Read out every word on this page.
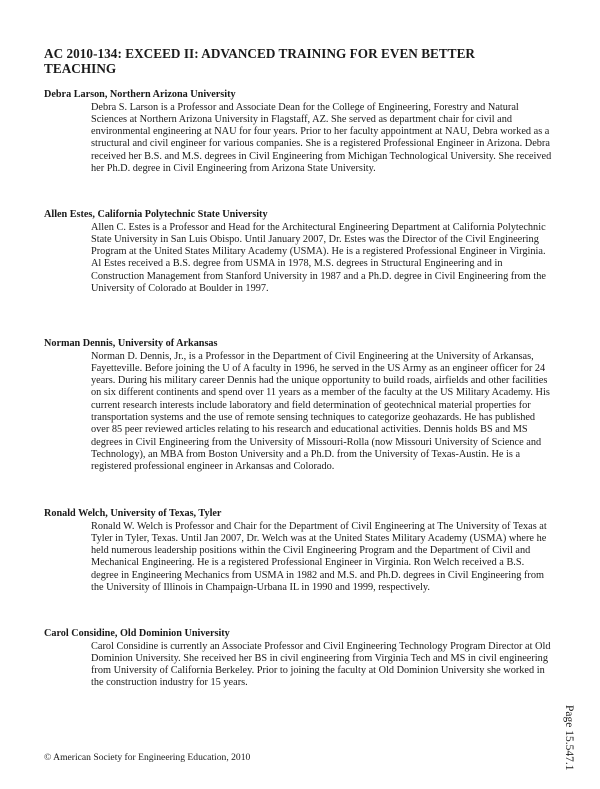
AC 2010-134: EXCEED II: ADVANCED TRAINING FOR EVEN BETTER TEACHING

Debra Larson, Northern Arizona University

Debra S. Larson is a Professor and Associate Dean for the College of Engineering, Forestry and Natural Sciences at Northern Arizona University in Flagstaff, AZ. She served as department chair for civil and environmental engineering at NAU for four years. Prior to her faculty appointment at NAU, Debra worked as a structural and civil engineer for various companies. She is a registered Professional Engineer in Arizona. Debra received her B.S. and M.S. degrees in Civil Engineering from Michigan Technological University. She received her Ph.D. degree in Civil Engineering from Arizona State University.

Allen Estes, California Polytechnic State University

Allen C. Estes is a Professor and Head for the Architectural Engineering Department at California Polytechnic State University in San Luis Obispo. Until January 2007, Dr. Estes was the Director of the Civil Engineering Program at the United States Military Academy (USMA). He is a registered Professional Engineer in Virginia. Al Estes received a B.S. degree from USMA in 1978, M.S. degrees in Structural Engineering and in Construction Management from Stanford University in 1987 and a Ph.D. degree in Civil Engineering from the University of Colorado at Boulder in 1997.

Norman Dennis, University of Arkansas

Norman D. Dennis, Jr., is a Professor in the Department of Civil Engineering at the University of Arkansas, Fayetteville. Before joining the U of A faculty in 1996, he served in the US Army as an engineer officer for 24 years. During his military career Dennis had the unique opportunity to build roads, airfields and other facilities on six different continents and spend over 11 years as a member of the faculty at the US Military Academy. His current research interests include laboratory and field determination of geotechnical material properties for transportation systems and the use of remote sensing techniques to categorize geohazards. He has published over 85 peer reviewed articles relating to his research and educational activities. Dennis holds BS and MS degrees in Civil Engineering from the University of Missouri-Rolla (now Missouri University of Science and Technology), an MBA from Boston University and a Ph.D. from the University of Texas-Austin. He is a registered professional engineer in Arkansas and Colorado.

Ronald Welch, University of Texas, Tyler

Ronald W. Welch is Professor and Chair for the Department of Civil Engineering at The University of Texas at Tyler in Tyler, Texas. Until Jan 2007, Dr. Welch was at the United States Military Academy (USMA) where he held numerous leadership positions within the Civil Engineering Program and the Department of Civil and Mechanical Engineering. He is a registered Professional Engineer in Virginia. Ron Welch received a B.S. degree in Engineering Mechanics from USMA in 1982 and M.S. and Ph.D. degrees in Civil Engineering from the University of Illinois in Champaign-Urbana IL in 1990 and 1999, respectively.

Carol Considine, Old Dominion University

Carol Considine is currently an Associate Professor and Civil Engineering Technology Program Director at Old Dominion University. She received her BS in civil engineering from Virginia Tech and MS in civil engineering from University of California Berkeley. Prior to joining the faculty at Old Dominion University she worked in the construction industry for 15 years.

© American Society for Engineering Education, 2010	Page 15.547.1
